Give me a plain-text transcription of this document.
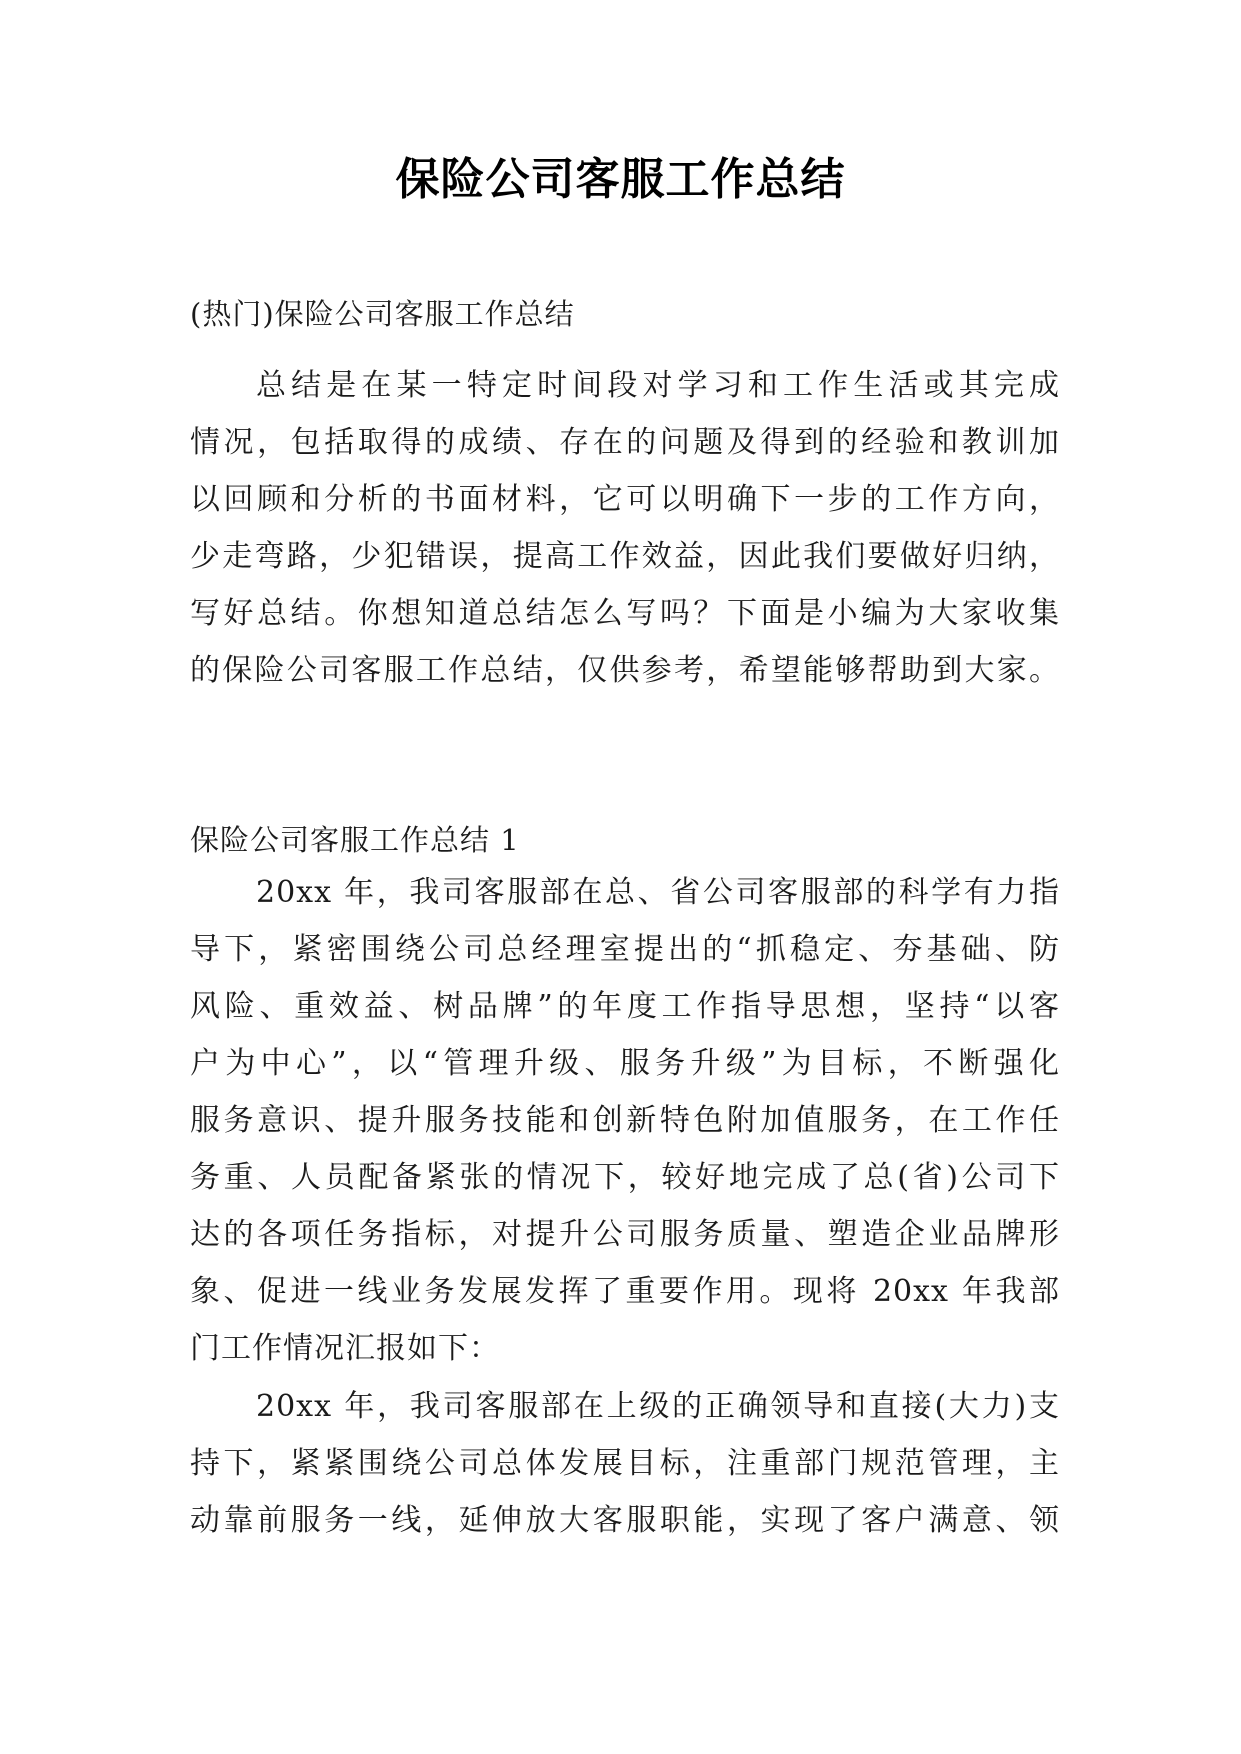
保险公司客服工作总结
(热门)保险公司客服工作总结
总结是在某一特定时间段对学习和工作生活或其完成
情况，包括取得的成绩、存在的问题及得到的经验和教训加
以回顾和分析的书面材料，它可以明确下一步的工作方向，
少走弯路，少犯错误，提高工作效益，因此我们要做好归纳，
写好总结。你想知道总结怎么写吗？下面是小编为大家收集
的保险公司客服工作总结，仅供参考，希望能够帮助到大家。
保险公司客服工作总结 1
20xx 年，我司客服部在总、省公司客服部的科学有力指
导下，紧密围绕公司总经理室提出的“抓稳定、夯基础、防
风险、重效益、树品牌”的年度工作指导思想，坚持“以客
户为中心”，以“管理升级、服务升级”为目标，不断强化
服务意识、提升服务技能和创新特色附加值服务，在工作任
务重、人员配备紧张的情况下，较好地完成了总(省)公司下
达的各项任务指标，对提升公司服务质量、塑造企业品牌形
象、促进一线业务发展发挥了重要作用。现将 20xx 年我部
门工作情况汇报如下：
20xx 年，我司客服部在上级的正确领导和直接(大力)支
持下，紧紧围绕公司总体发展目标，注重部门规范管理，主
动靠前服务一线，延伸放大客服职能，实现了客户满意、领
